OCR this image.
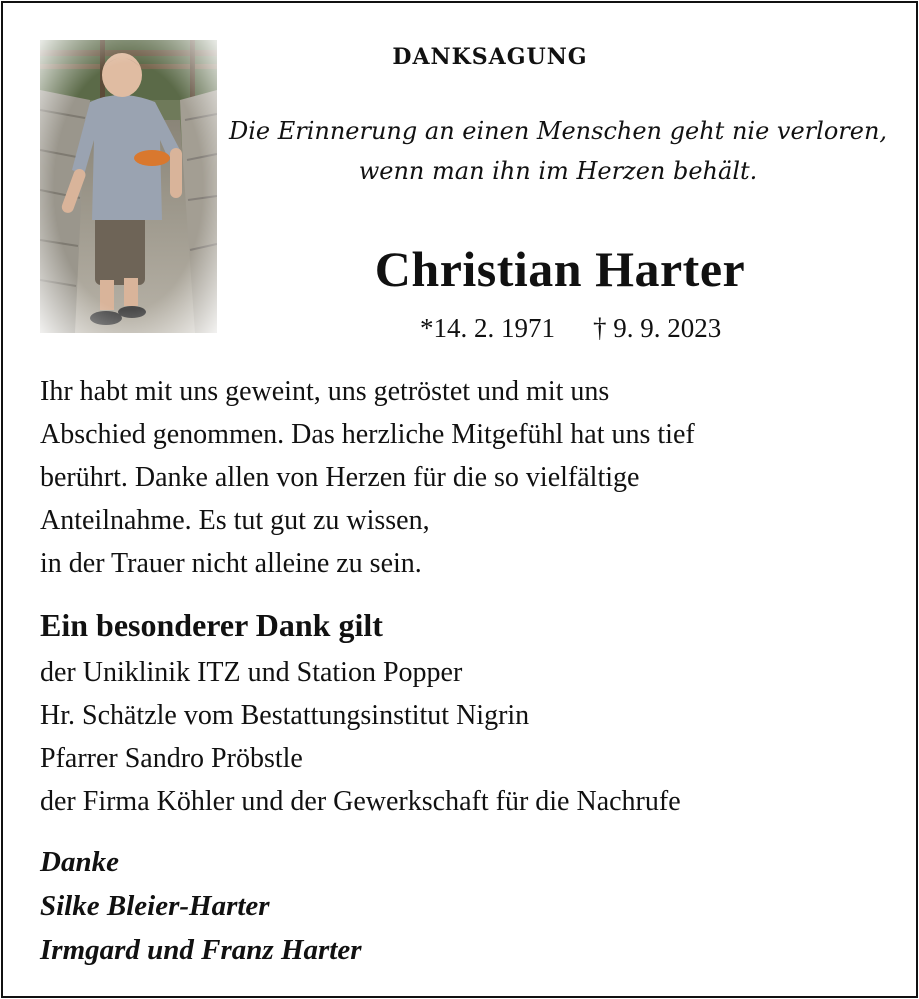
DANKSAGUNG
Die Erinnerung an einen Menschen geht nie verloren,
wenn man ihn im Herzen behält.
Christian Harter
*14. 2. 1971 † 9. 9. 2023
Ihr habt mit uns geweint, uns getröstet und mit uns
Abschied genommen. Das herzliche Mitgefühl hat uns tief
berührt. Danke allen von Herzen für die so vielfältige
Anteilnahme. Es tut gut zu wissen,
in der Trauer nicht alleine zu sein.
Ein besonderer Dank gilt
der Uniklinik ITZ und Station Popper
Hr. Schätzle vom Bestattungsinstitut Nigrin
Pfarrer Sandro Pröbstle
der Firma Köhler und der Gewerkschaft für die Nachrufe
Danke
Silke Bleier-Harter
Irmgard und Franz Harter
